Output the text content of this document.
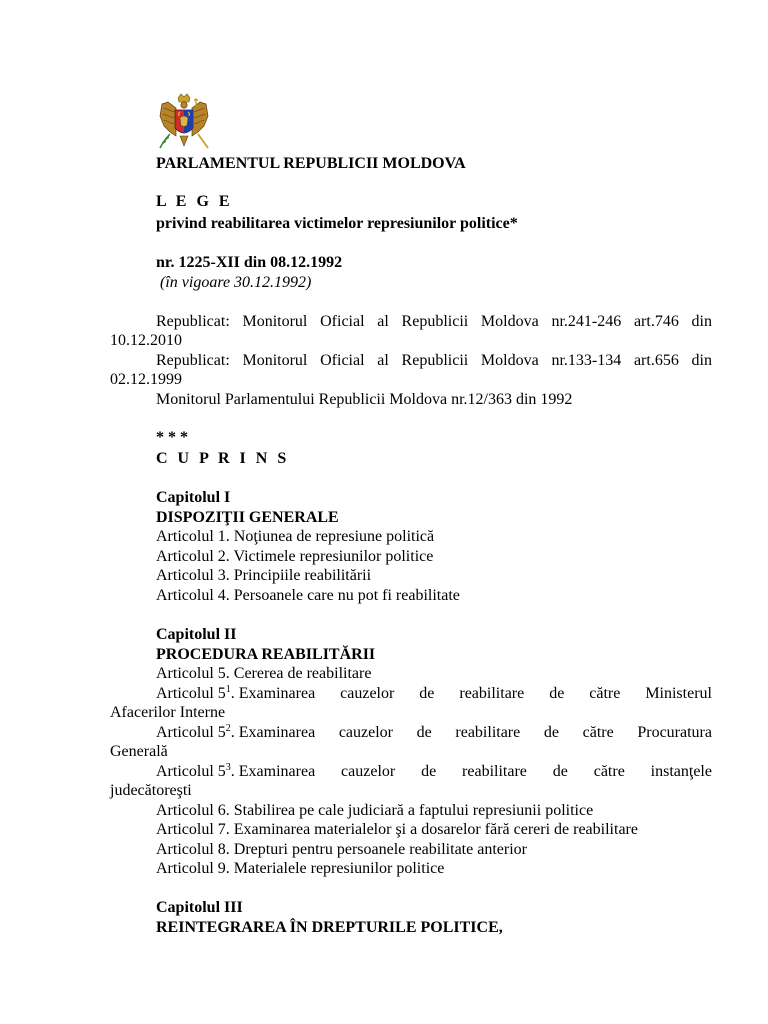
PARLAMENTUL REPUBLICII MOLDOVA
L E G E
privind reabilitarea victimelor represiunilor politice*
nr. 1225-XII din 08.12.1992
(în vigoare 30.12.1992)
Republicat: Monitorul Oficial al Republicii Moldova nr.241-246 art.746 din
10.12.2010
Republicat: Monitorul Oficial al Republicii Moldova nr.133-134 art.656 din
02.12.1999
Monitorul Parlamentului Republicii Moldova nr.12/363 din 1992
* * *
C U P R I N S
Capitolul I
DISPOZIŢII GENERALE
Articolul 1. Noţiunea de represiune politică
Articolul 2. Victimele represiunilor politice
Articolul 3. Principiile reabilitării
Articolul 4. Persoanele care nu pot fi reabilitate
Capitolul II
PROCEDURA REABILITĂRII
Articolul 5. Cererea de reabilitare
Articolul $5^1$. Examinarea cauzelor de reabilitare de către Ministerul
Afacerilor Interne
Articolul $5^2$. Examinarea cauzelor de reabilitare de către Procuratura
Generală
Articolul $5^3$. Examinarea cauzelor de reabilitare de către instanţele
judecătoreşti
Articolul 6. Stabilirea pe cale judiciară a faptului represiunii politice
Articolul 7. Examinarea materialelor şi a dosarelor fără cereri de reabilitare
Articolul 8. Drepturi pentru persoanele reabilitate anterior
Articolul 9. Materialele represiunilor politice
Capitolul III
REINTEGRAREA ÎN DREPTURILE POLITICE,
